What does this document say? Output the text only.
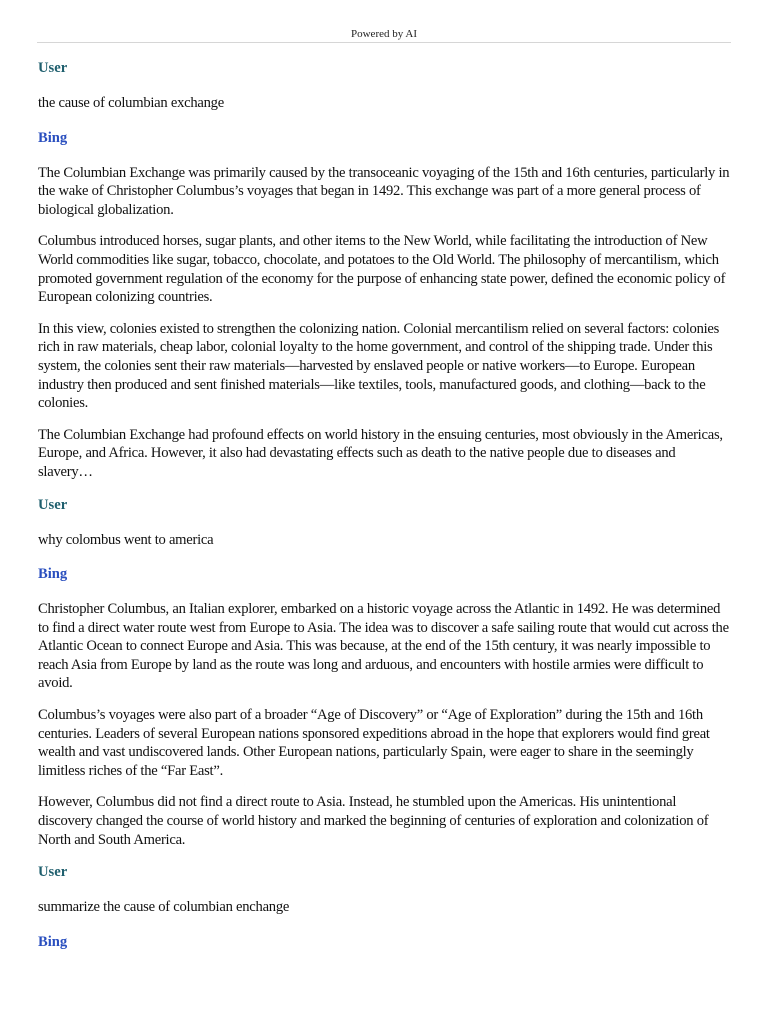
Powered by AI
User

the cause of columbian exchange

Bing

The Columbian Exchange was primarily caused by the transoceanic voyaging of the 15th and 16th centuries, particularly in the wake of Christopher Columbus’s voyages that began in 1492. This exchange was part of a more general process of biological globalization.

Columbus introduced horses, sugar plants, and other items to the New World, while facilitating the introduction of New World commodities like sugar, tobacco, chocolate, and potatoes to the Old World. The philosophy of mercantilism, which promoted government regulation of the economy for the purpose of enhancing state power, defined the economic policy of European colonizing countries.

In this view, colonies existed to strengthen the colonizing nation. Colonial mercantilism relied on several factors: colonies rich in raw materials, cheap labor, colonial loyalty to the home government, and control of the shipping trade. Under this system, the colonies sent their raw materials—harvested by enslaved people or native workers—to Europe. European industry then produced and sent finished materials—like textiles, tools, manufactured goods, and clothing—back to the colonies.

The Columbian Exchange had profound effects on world history in the ensuing centuries, most obviously in the Americas, Europe, and Africa. However, it also had devastating effects such as death to the native people due to diseases and slavery…

User

why colombus went to america

Bing

Christopher Columbus, an Italian explorer, embarked on a historic voyage across the Atlantic in 1492. He was determined to find a direct water route west from Europe to Asia. The idea was to discover a safe sailing route that would cut across the Atlantic Ocean to connect Europe and Asia. This was because, at the end of the 15th century, it was nearly impossible to reach Asia from Europe by land as the route was long and arduous, and encounters with hostile armies were difficult to avoid.

Columbus’s voyages were also part of a broader “Age of Discovery” or “Age of Exploration” during the 15th and 16th centuries. Leaders of several European nations sponsored expeditions abroad in the hope that explorers would find great wealth and vast undiscovered lands. Other European nations, particularly Spain, were eager to share in the seemingly limitless riches of the “Far East”.

However, Columbus did not find a direct route to Asia. Instead, he stumbled upon the Americas. His unintentional discovery changed the course of world history and marked the beginning of centuries of exploration and colonization of North and South America.

User

summarize the cause of columbian enchange

Bing
